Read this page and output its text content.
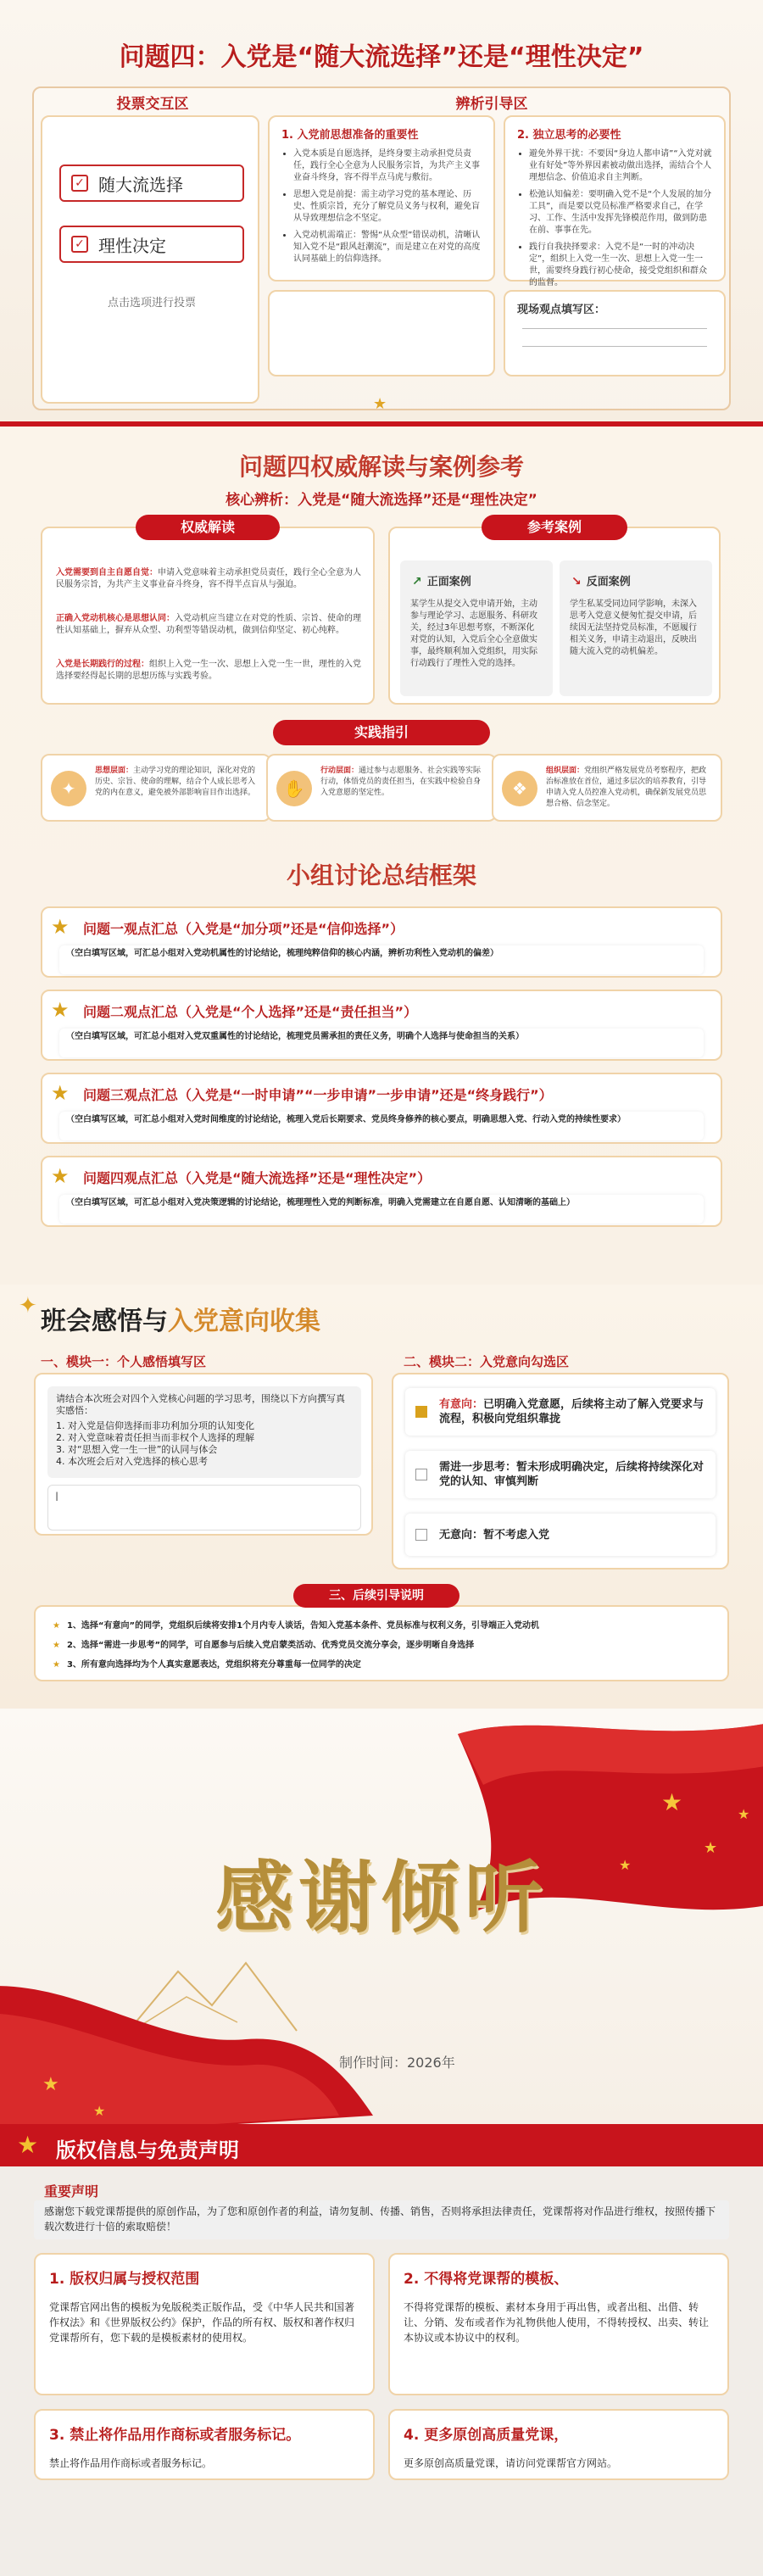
问题四：入党是“随大流选择”还是“理性决定”
投票交互区	辨析引导区
✓ 随大流选择
✓ 理性决定
点击选项进行投票
1. 入党前思想准备的重要性
• 入党本质是自愿选择，是终身要主动承担党员责任，践行全心全意为人民服务宗旨，为共产主义事业奋斗终身，容不得半点马虎与敷衍。
• 思想入党是前提：需主动学习党的基本理论、历史、性质宗旨，充分了解党员义务与权利，避免盲从导致理想信念不坚定。
• 入党动机需端正：警惕“从众型”错误动机，清晰认知入党不是“跟风赶潮流”，而是建立在对党的高度认同基础上的信仰选择。
2. 独立思考的必要性
• 避免外界干扰：不要因“身边人都申请”“入党对就业有好处”等外界因素被动做出选择，需结合个人理想信念、价值追求自主判断。
• 松弛认知偏差：要明确入党不是“个人发展的加分工具”，而是要以党员标准严格要求自己，在学习、工作、生活中发挥先锋模范作用，做到防患在前、事事在先。
• 践行自我抉择要求：入党不是“一时的冲动决定”，组织上入党一生一次、思想上入党一生一世，需要终身践行初心使命，接受党组织和群众的监督。
现场观点填写区：
★
问题四权威解读与案例参考
核心辨析：入党是“随大流选择”还是“理性决定”
入党需要到自主自愿自觉：申请入党意味着主动承担党员责任，践行全心全意为人民服务宗旨，为共产主义事业奋斗终身，容不得半点盲从与强迫。
正确入党动机核心是思想认同：入党动机应当建立在对党的性质、宗旨、使命的理性认知基础上，摒弃从众型、功利型等错误动机，做到信仰坚定、初心纯粹。
入党是长期践行的过程：组织上入党一生一次、思想上入党一生一世，理性的入党选择要经得起长期的思想历练与实践考验。
权威解读
↗ 正面案例

某学生从提交入党申请开始，主动参与理论学习、志愿服务、科研攻关，经过3年思想考察，不断深化对党的认知，入党后全心全意做实事，最终顺利加入党组织，用实际行动践行了理性入党的选择。

↘ 反面案例

学生私某受同边同学影响，未深入思考入党意义便匆忙提交申请，后续因无法坚持党员标准，不愿履行相关义务，申请主动退出，反映出随大流入党的动机偏差。

参考案例
实践指引
✦

思想层面：主动学习党的理论知识，深化对党的历史、宗旨、使命的理解，结合个人成长思考入党的内在意义，避免被外部影响盲目作出选择。	✋

行动层面：通过参与志愿服务、社会实践等实际行动，体悟党员的责任担当，在实践中检验自身入党意愿的坚定性。	❖

组织层面：党组织严格发展党员考察程序，把政治标准放在首位，通过多层次的培养教育，引导申请入党人员控准入党动机，确保新发展党员思想合格、信念坚定。

小组讨论总结框架
★ 问题一观点汇总（入党是“加分项”还是“信仰选择”）
（空白填写区域，可汇总小组对入党动机属性的讨论结论，梳理纯粹信仰的核心内涵，辨析功利性入党动机的偏差）
★ 问题二观点汇总（入党是“个人选择”还是“责任担当”）
（空白填写区域，可汇总小组对入党双重属性的讨论结论，梳理党员需承担的责任义务，明确个人选择与使命担当的关系）
★ 问题三观点汇总（入党是“一时申请”“一步申请”一步申请”还是“终身践行”）
（空白填写区域，可汇总小组对入党时间维度的讨论结论，梳理入党后长期要求、党员终身修养的核心要点，明确思想入党、行动入党的持续性要求）
★ 问题四观点汇总（入党是“随大流选择”还是“理性决定”）
（空白填写区域，可汇总小组对入党决策逻辑的讨论结论，梳理理性入党的判断标准，明确入党需建立在自愿自愿、认知清晰的基础上）
✦
班会感悟与入党意向收集
一、模块一：个人感悟填写区	二、模块二：入党意向勾选区
请结合本次班会对四个入党核心问题的学习思考，围绕以下方向撰写真实感悟：
1. 对入党是信仰选择而非功利加分项的认知变化
2. 对入党意味着责任担当而非权个人选择的理解
3. 对“思想入党一生一世”的认同与体会
4. 本次班会后对入党选择的核心思考
I
有意向：已明确入党意愿，后续将主动了解入党要求与流程，积极向党组织靠拢
需进一步思考：暂未形成明确决定，后续将持续深化对党的认知、审慎判断
无意向：暂不考虑入党

★ 1、选择“有意向”的同学，党组织后续将安排1个月内专人谈话，告知入党基本条件、党员标准与权利义务，引导端正入党动机

★ 2、选择“需进一步思考”的同学，可自愿参与后续入党启蒙类活动、优秀党员交流分享会，逐步明晰自身选择

★ 3、所有意向选择均为个人真实意愿表达，党组织将充分尊重每一位同学的决定

三、后续引导说明
★
★
★
★
★
★
感谢倾听
制作时间：2026年
★ 版权信息与免责声明
重要声明
感谢您下载党课帮提供的原创作品，为了您和原创作者的利益，请勿复制、传播、销售，否则将承担法律责任，党课帮将对作品进行维权，按照传播下载次数进行十倍的索取赔偿！
1. 版权归属与授权范围

党课帮官网出售的模板为免版税类正版作品，受《中华人民共和国著作权法》和《世界版权公约》保护，作品的所有权、版权和著作权归党课帮所有，您下载的是模板素材的使用权。

2. 不得将党课帮的模板、

不得将党课帮的模板、素材本身用于再出售，或者出租、出借、转让、分销、发布或者作为礼物供他人使用，不得转授权、出卖、转让本协议或本协议中的权利。

3. 禁止将作品用作商标或者服务标记。

禁止将作品用作商标或者服务标记。

4. 更多原创高质量党课，

更多原创高质量党课，请访问党课帮官方网站。
